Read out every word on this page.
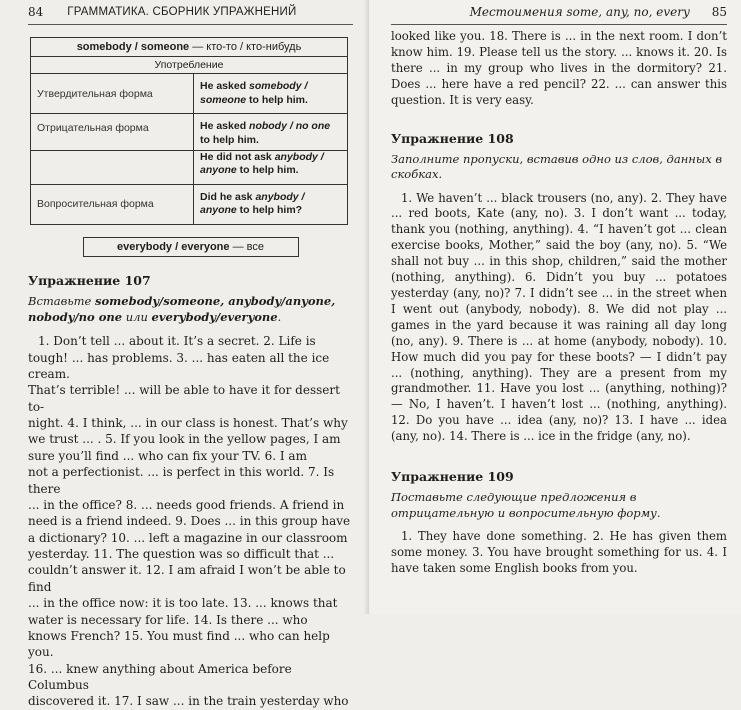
84 ГРАММАТИКА. СБОРНИК УПРАЖНЕНИЙ
somebody / someone — кто-то / кто-нибудь	
Употребление	
Утвердительная форма	He asked somebody /
someone to help him.
Отрицательная форма	He asked nobody / no one
to help him.
	He did not ask anybody /
anyone to help him.
Вопросительная форма	Did he ask anybody /
anyone to help him?
everybody / everyone — все
Упражнение 107
Вставьте somebody/someone, anybody/anyone, nobody/no one или everybody/everyone.
1. Don’t tell ... about it. It’s a secret. 2. Life is
tough! ... has problems. 3. ... has eaten all the ice cream.
That’s terrible! ... will be able to have it for dessert to-
night. 4. I think, ... in our class is honest. That’s why
we trust ... . 5. If you look in the yellow pages, I am
sure you’ll find ... who can fix your TV. 6. I am
not a perfectionist. ... is perfect in this world. 7. Is there
... in the office? 8. ... needs good friends. A friend in
need is a friend indeed. 9. Does ... in this group have
a dictionary? 10. ... left a magazine in our classroom
yesterday. 11. The question was so difficult that ...
couldn’t answer it. 12. I am afraid I won’t be able to find
... in the office now: it is too late. 13. ... knows that
water is necessary for life. 14. Is there ... who
knows French? 15. You must find ... who can help you.
16. ... knew anything about America before Columbus
discovered it. 17. I saw ... in the train yesterday who
Местоимения some, any, no, every 85

looked like you. 18. There is ... in the next room. I don’t know him. 19. Please tell us the story. ... knows it. 20. Is there ... in my group who lives in the dormitory? 21. Does ... here have a red pencil? 22. ... can answer this question. It is very easy.

Упражнение 108
Заполните пропуски, вставив одно из слов, данных в скобках.

1. We haven’t ... black trousers (no, any). 2. They have ... red boots, Kate (any, no). 3. I don’t want ... today, thank you (nothing, anything). 4. “I haven’t got ... clean exercise books, Mother,” said the boy (any, no). 5. “We shall not buy ... in this shop, children,” said the mother (nothing, anything). 6. Didn’t you buy ... potatoes yesterday (any, no)? 7. I didn’t see ... in the street when I went out (anybody, nobody). 8. We did not play ... games in the yard because it was raining all day long (no, any). 9. There is ... at home (anybody, nobody). 10. How much did you pay for these boots? — I didn’t pay ... (nothing, anything). They are a present from my grandmother. 11. Have you lost ... (anything, nothing)? — No, I haven’t. I haven’t lost ... (nothing, anything). 12. Do you have ... idea (any, no)? 13. I have ... idea (any, no). 14. There is ... ice in the fridge (any, no).

Упражнение 109
Поставьте следующие предложения в отрицательную и вопросительную форму.

1. They have done something. 2. He has given them some money. 3. You have brought something for us. 4. I have taken some English books from you.
